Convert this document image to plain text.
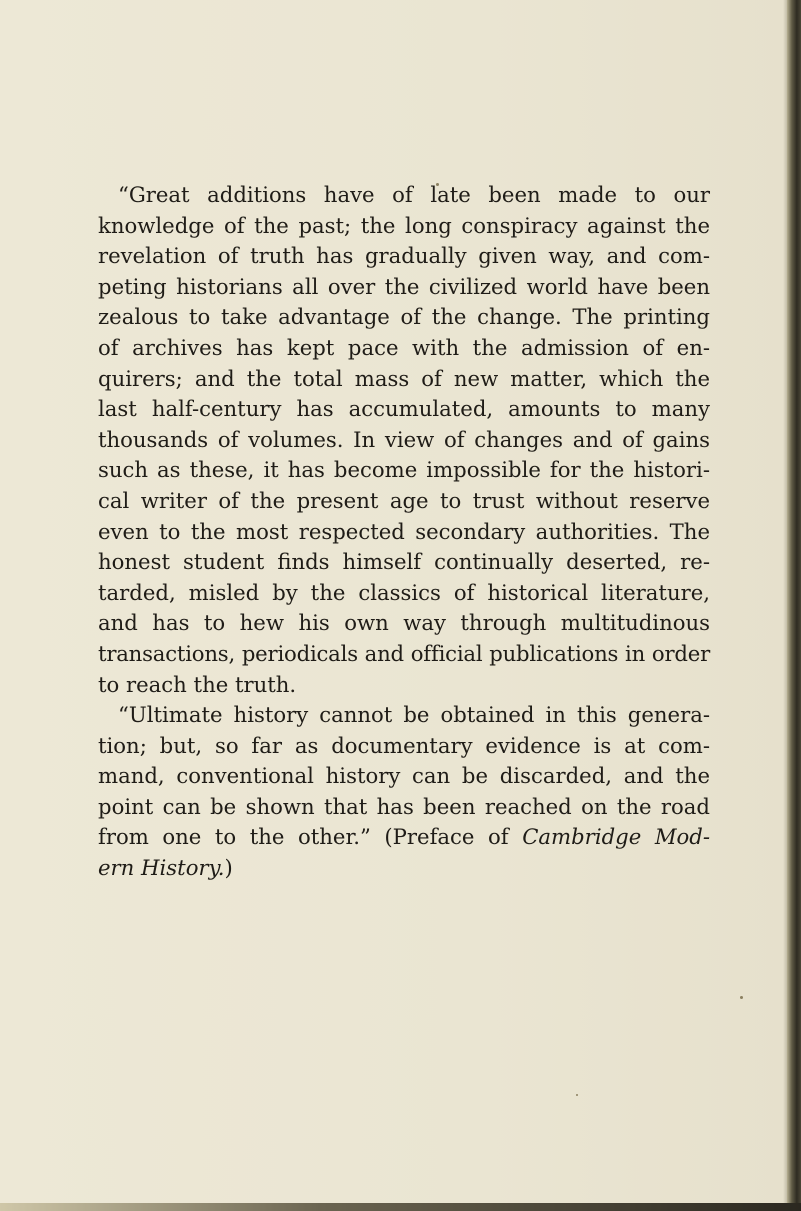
“Great additions have of late been made to our
knowledge of the past; the long conspiracy against the
revelation of truth has gradually given way, and com-
peting historians all over the civilized world have been
zealous to take advantage of the change. The printing
of archives has kept pace with the admission of en-
quirers; and the total mass of new matter, which the
last half-century has accumulated, amounts to many
thousands of volumes. In view of changes and of gains
such as these, it has become impossible for the histori-
cal writer of the present age to trust without reserve
even to the most respected secondary authorities. The
honest student finds himself continually deserted, re-
tarded, misled by the classics of historical literature,
and has to hew his own way through multitudinous
transactions, periodicals and official publications in order
to reach the truth.
“Ultimate history cannot be obtained in this genera-
tion; but, so far as documentary evidence is at com-
mand, conventional history can be discarded, and the
point can be shown that has been reached on the road
from one to the other.” (Preface of Cambridge Mod-
ern History.)
